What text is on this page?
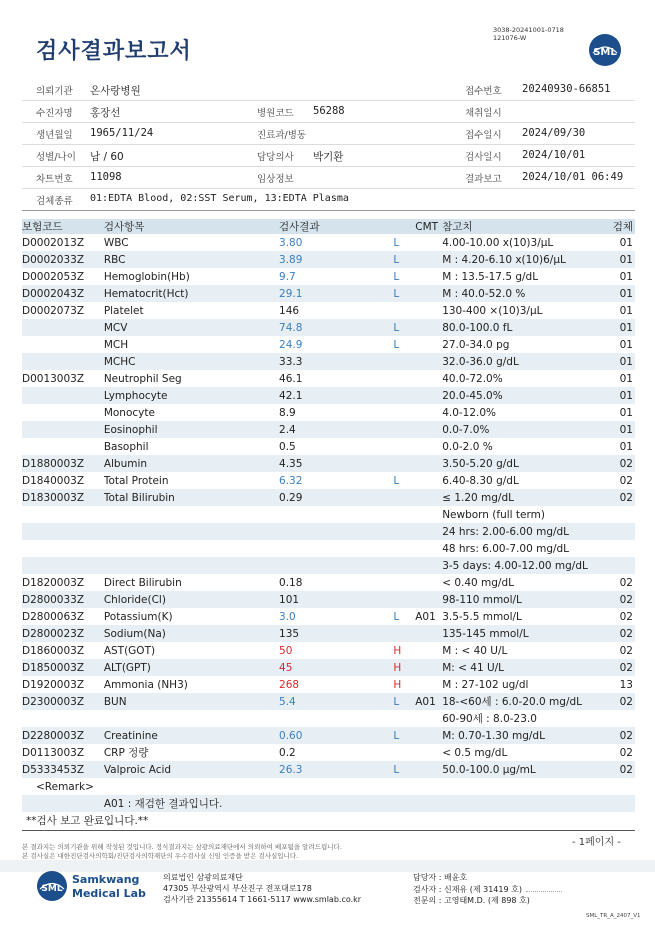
검사결과보고서
3038-20241001-0718
121076-W
SML
의뢰기관 온사랑병원	접수번호 20240930-66851
수진자명 홍장선	병원코드 56288	채취일시
생년월일 1965/11/24	진료과/병동	접수일시 2024/09/30
성별/나이 남 / 60	담당의사 박기환	검사일시 2024/10/01
차트번호 11098	임상정보	결과보고 2024/10/01 06:49
검체종류 01:EDTA Blood, 02:SST Serum, 13:EDTA Plasma
보험코드	검사항목	검사결과		CMT	참고치	검체
D0002013Z	WBC	3.80	L		4.00-10.00 x(10)3/μL	01
D0002033Z	RBC	3.89	L		M : 4.20-6.10 x(10)6/μL	01
D0002053Z	Hemoglobin(Hb)	9.7	L		M : 13.5-17.5 g/dL	01
D0002043Z	Hematocrit(Hct)	29.1	L		M : 40.0-52.0 %	01
D0002073Z	Platelet	146			130-400 ×(10)3/μL	01
	MCV	74.8	L		80.0-100.0 fL	01
	MCH	24.9	L		27.0-34.0 pg	01
	MCHC	33.3			32.0-36.0 g/dL	01
D0013003Z	Neutrophil Seg	46.1			40.0-72.0%	01
	Lymphocyte	42.1			20.0-45.0%	01
	Monocyte	8.9			4.0-12.0%	01
	Eosinophil	2.4			0.0-7.0%	01
	Basophil	0.5			0.0-2.0 %	01
D1880003Z	Albumin	4.35			3.50-5.20 g/dL	02
D1840003Z	Total Protein	6.32	L		6.40-8.30 g/dL	02
D1830003Z	Total Bilirubin	0.29			≤ 1.20 mg/dL	02
					Newborn (full term)	
					24 hrs: 2.00-6.00 mg/dL	
					48 hrs: 6.00-7.00 mg/dL	
					3-5 days: 4.00-12.00 mg/dL	
D1820003Z	Direct Bilirubin	0.18			< 0.40 mg/dL	02
D2800033Z	Chloride(Cl)	101			98-110 mmol/L	02
D2800063Z	Potassium(K)	3.0	L	A01	3.5-5.5 mmol/L	02
D2800023Z	Sodium(Na)	135			135-145 mmol/L	02
D1860003Z	AST(GOT)	50	H		M : < 40 U/L	02
D1850003Z	ALT(GPT)	45	H		M: < 41 U/L	02
D1920003Z	Ammonia (NH3)	268	H		M : 27-102 ug/dl	13
D2300003Z	BUN	5.4	L	A01	18-<60세 : 6.0-20.0 mg/dL	02
					60-90세 : 8.0-23.0	
D2280003Z	Creatinine	0.60	L		M: 0.70-1.30 mg/dL	02
D0113003Z	CRP 정량	0.2			< 0.5 mg/dL	02
D5333453Z	Valproic Acid	26.3	L		50.0-100.0 μg/mL	02
<Remark>						
	A01 : 재검한 결과입니다.					
**검사 보고 완료입니다.**
- 1페이지 -
본 결과지는 의뢰기관을 위해 작성된 것입니다. 정식결과지는 삼광의료재단에서 의뢰하여 배포됨을 알려드립니다.
본 검사실은 대한진단검사의학회/진단검사의학재단의 우수검사실 신임 인증을 받은 검사실입니다.
SML
Samkwang
Medical Lab
의료법인 삼광의료재단
47305 부산광역시 부산진구 전포대로178
검사기관 21355614 T 1661-5117 www.smlab.co.kr
담당자 : 배윤호
검사자 : 신재유 (제 31419 호)
전문의 : 고영태M.D. (제 898 호)
SML_TR_A_2407_V1
